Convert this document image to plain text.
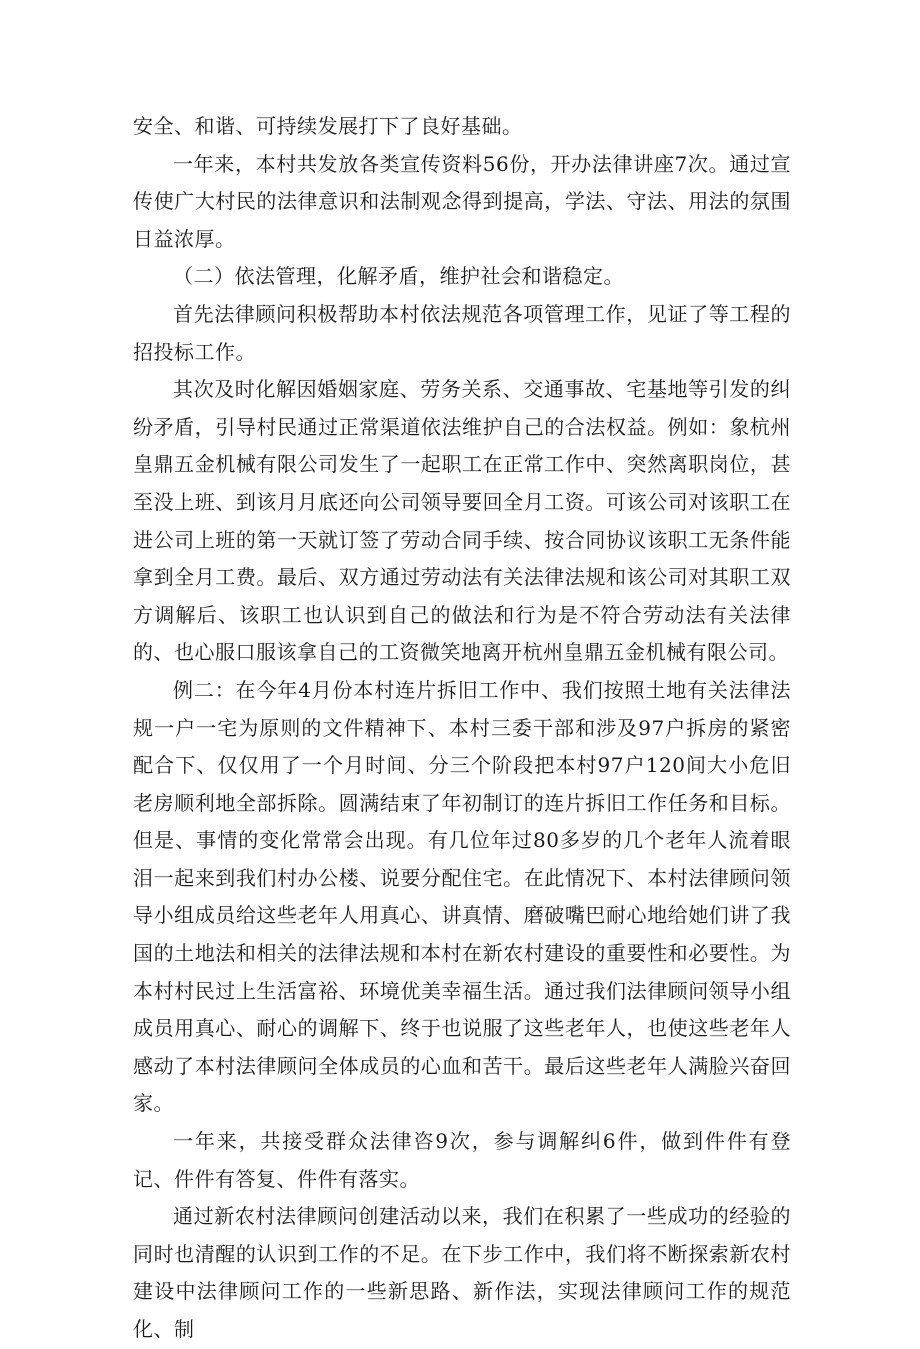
安全、和谐、可持续发展打下了良好基础。

一年来，本村共发放各类宣传资料56份，开办法律讲座7次。通过宣传使广大村民的法律意识和法制观念得到提高，学法、守法、用法的氛围日益浓厚。

（二）依法管理，化解矛盾，维护社会和谐稳定。

首先法律顾问积极帮助本村依法规范各项管理工作，见证了等工程的招投标工作。

其次及时化解因婚姻家庭、劳务关系、交通事故、宅基地等引发的纠纷矛盾，引导村民通过正常渠道依法维护自己的合法权益。例如：象杭州皇鼎五金机械有限公司发生了一起职工在正常工作中、突然离职岗位，甚至没上班、到该月月底还向公司领导要回全月工资。可该公司对该职工在进公司上班的第一天就订签了劳动合同手续、按合同协议该职工无条件能拿到全月工费。最后、双方通过劳动法有关法律法规和该公司对其职工双方调解后、该职工也认识到自己的做法和行为是不符合劳动法有关法律的、也心服口服该拿自己的工资微笑地离开杭州皇鼎五金机械有限公司。

例二：在今年4月份本村连片拆旧工作中、我们按照土地有关法律法规一户一宅为原则的文件精神下、本村三委干部和涉及97户拆房的紧密配合下、仅仅用了一个月时间、分三个阶段把本村97户120间大小危旧老房顺利地全部拆除。圆满结束了年初制订的连片拆旧工作任务和目标。但是、事情的变化常常会出现。有几位年过80多岁的几个老年人流着眼泪一起来到我们村办公楼、说要分配住宅。在此情况下、本村法律顾问领导小组成员给这些老年人用真心、讲真情、磨破嘴巴耐心地给她们讲了我国的土地法和相关的法律法规和本村在新农村建设的重要性和必要性。为本村村民过上生活富裕、环境优美幸福生活。通过我们法律顾问领导小组成员用真心、耐心的调解下、终于也说服了这些老年人，也使这些老年人感动了本村法律顾问全体成员的心血和苦干。最后这些老年人满脸兴奋回家。

一年来，共接受群众法律咨9次，参与调解纠6件，做到件件有登记、件件有答复、件件有落实。

通过新农村法律顾问创建活动以来，我们在积累了一些成功的经验的同时也清醒的认识到工作的不足。在下步工作中，我们将不断探索新农村建设中法律顾问工作的一些新思路、新作法，实现法律顾问工作的规范化、制
